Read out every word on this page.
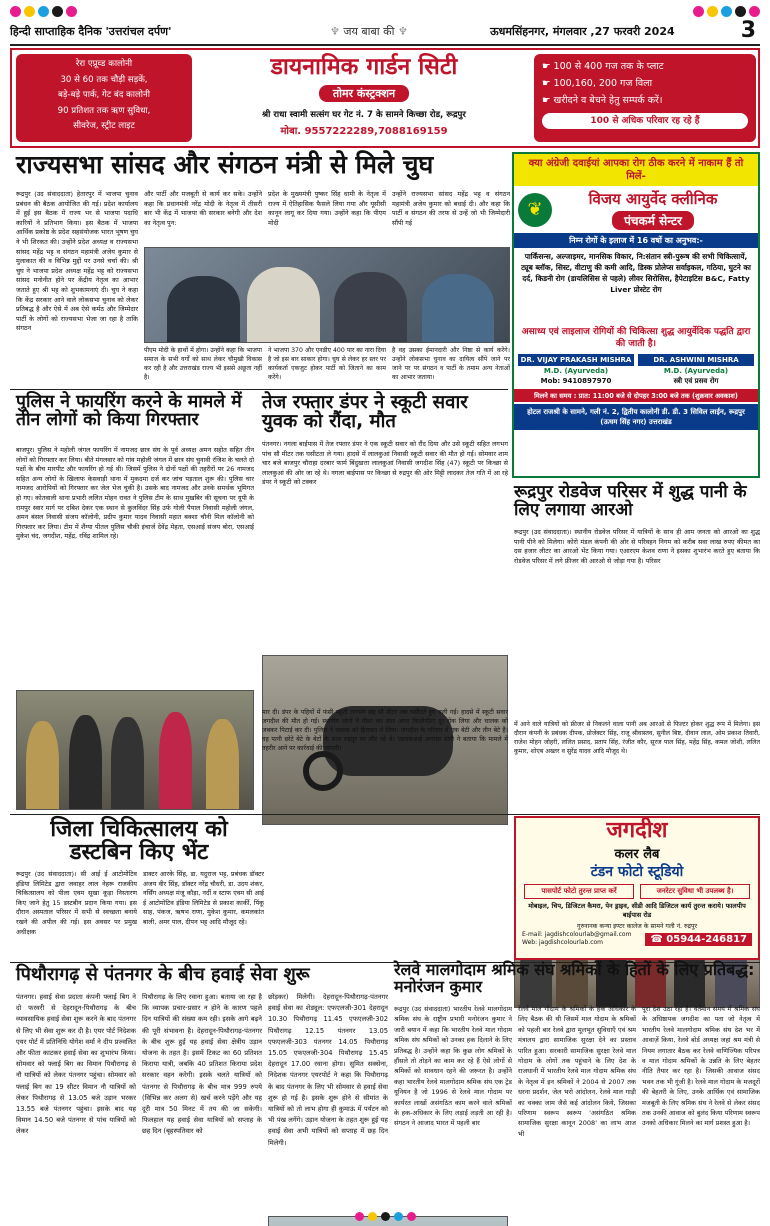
हिन्दी साप्ताहिक दैनिक 'उत्तरांचल दर्पण'	♆ जय बाबा की ♆	ऊधमसिंहनगर, मंगलवार ,27 फरवरी 2024	3
रेरा एप्रूव्ड कालोनी
30 से 60 तक चौड़ी सड़कें,
बड़े-बड़े पार्क, गेट बंद कालोनी
90 प्रतिशत तक ऋण सुविधा,
सीवरेज, स्ट्रीट लाइट
डायनामिक गार्डन सिटी
तोमर कंस्ट्रक्शन
श्री राधा स्वामी सत्संग घर गेट नं. 7 के सामने किच्छा रोड, रूद्रपुर
मोबा. 9557222289,7088169159
☛ 100 से 400 गज तक के प्लाट
☛ 100,160, 200 गज विला
☛ खरीदने व बेचने हेतु सम्पर्क करें।
100 से अधिक परिवार रह रहे हैं
राज्यसभा सांसद और संगठन मंत्री से मिले चुघ
रूद्रपुर (उद संवाददाता) हेतारपुर में भाजपा चुनाव प्रबंधन की बैठक आयोजित की गई। प्रदेश कार्यालय में हुई इस बैठक में राज्य भर से भाजपा पदाधि कारियों ने प्रतिभाग किया। इस बैठक में भाजपा आर्थिक प्रकोष्ठ के प्रदेश सहसंयोजक भारत भूषण चुघ ने भी शिरकत की। उन्होंने प्रदेश अध्यक्ष व राज्यसभा सांसद महेंद्र भट्ट व संगठन महामंत्री अजेय कुमार से मुलाकात की व विभिन्न मुद्दों पर उनसे चर्चा की। श्री चुघ ने भाजपा प्रदेश अध्यक्ष महेंद्र भट्ट को राज्यसभा सांसद मनोनीत होने पर केंद्रीय नेतृत्व का आभार जताते हुए श्री भट्ट को शुभकामनाएं दी। चुघ ने कहा कि केंद्र सरकार आने वाले लोकसभा चुनाव को लेकर प्रतिबद्ध है और ऐसे में अब ऐसे कर्मठ और जिम्मेदार पार्टी के लोगों को राज्यसभा भेजा जा रहा है ताकि संगठन
और पार्टी और मजबूती से कार्य कर सके। उन्होंने कहा कि प्रधानमंत्री नरेंद्र मोदी के नेतृत्व में तीसरी बार भी केंद्र में भाजपा की सरकार बनेगी और देश का नेतृत्व पुन:
प्रदेश के मुख्यमंत्री पुष्कर सिंह धामी के नेतृत्व में राज्य में ऐतिहासिक फैसले लिया गया और यूसीसी कानून लागू कर दिया गया। उन्होंने कहा कि पीएम मोदी
उन्होंने राज्यसभा सांसद महेंद्र भट्ट व संगठन महामंत्री अजेय कुमार को बधाई दी। और कहा कि पार्टी व संगठन की तरफ से उन्हें जो भी जिम्मेदारी सौंपी गई
पीएम मोदी के हाथों में होगा। उन्होंने कहा कि भाजपा समाज के सभी वर्गों को साथ लेकर चौमुखी विकास कर रही है और उत्तराखंड राज्य भी इससे अछूता नहीं है।
ने भाजपा 370 और एनडीए 400 पार का नारा दिया है जो इस बार साकार होगा। चुघ से लेकर हर स्तर पर कार्यकर्ता एकजुट होकर पार्टी को जिताने का काम करेंगे।
है वह उसका ईमानदारी और निष्ठा से कार्य करेंगे। उन्होंने लोकसभा चुनाव का दायित्व सौंपे जाने पर जाने पर पर संगठन व पार्टी के तमाम अन्य नेताओं का आभार जताया।
क्या अंग्रेजी दवाईयां आपका रोग ठीक करने में नाकाम हैं तो मिलें-
❦	विजय आयुर्वेद क्लीनिक
पंचकर्म सेन्टर
निम्न रोगों के इलाज में 16 वर्षो का अनुभव:-
पार्किंसन्स, अल्जाइमर, मानसिक विकार, नि:संतान स्त्री-पुरूष की सभी चिकित्सायें, ट्यूब ब्लॉक, सिस्ट, वीटाणु की कमी आदि, डिस्क प्रोलेप्स सर्वाइकल, गठिया, घुटने का दर्द, किडनी रोग (डायलिसिस से पहले) लीवर सिरोसिस, हैपेटाइटिस B&C, Fatty Liver प्रोस्टेट रोग
असाध्य एवं लाइलाज रोगियों की चिकित्सा शुद्ध आयुर्वेदिक पद्धति द्वारा की जाती है।
DR. VIJAY PRAKASH MISHRA
M.D. (Ayurveda)
Mob: 9410897970
DR. ASHWINI MISHRA
M.D. (Ayurveda)
स्त्री एवं प्रसव रोग
मिलने का समय : प्रात: 11:00 बजे से दोपहर 3:00 बजे तक (शुक्रवार अवकाश)
होटल राजश्री के सामने, गली नं. 2, द्वितीय कालोनी डी. डी. 3 सिविल लाईन, रूद्रपुर (ऊधम सिंह नगर) उत्तराखंड
पुलिस ने फायरिंग करने के मामले में तीन लोगों को किया गिरफ्तार
बाजपुर। पुलिस ने महोली जंगल फायरिंग में नामजद छात्र संघ के पूर्व अध्यक्ष अमन सहोत सहित तीन लोगों को गिरफ्तार कर लिया। बीते मंगलवार को गांव महोली जंगल में छात्र संघ चुनावी रंजिश के चलते दो पक्षों के बीच मारपीट और फायरिंग हो गई थी। जिसमें पुलिस ने दोनों पक्षों की तहरीरों पर 26 नामजद सहित अन्य लोगों के खिलाफ केसवाड़ी थाना में मुकदमा दर्ज कर जांच पड़ताल शुरू की। पुलिस चार नामजद आरोपियों को गिरफ्तार कर जेल भेज चुकी है। उसके बाद नामजद और उनके समर्थक भूमिगत हो गए। कोतवाली थाना प्रभारी ललित मोहन रावत ने पुलिस टीम के साथ मुखबिर की सूचना पर यूपी के रामपुर स्वार मार्ग पर दबिश देकर एक स्थान से कुलविंदर सिंह उर्फ गोली पैयाल निवासी महोली जंगल, अमन बंसल निवासी संजय कॉलोनी, प्रदीप कुमार यादव निवासी महात बक्शा चौनी मिल कॉलोनी को गिरफ्तार कर लिया। टीम में शैंग्या पीतल पुलिस चौकी इंचार्ज देवेंद्र मेहता, एसआई संजय बोरा, एसआई मुकेश चंद, जगदीश, महेंद्र, रविंद्र शामिल रहे।
तेज रफ्तार डंपर ने स्कूटी सवार युवक को रौंदा, मौत
पंतनगर। नगला बाईपास में तेज रफ्तार डंपर ने एक स्कूटी सवार को रौंद दिया और उसे स्कूटी सहित लगभग पांच सौ मीटर तक घसीटता ले गया। हादसे में लालकुआं निवासी स्कूटी सवार की मौत हो गई। सोमवार शाम चार बजे बाजपुर चौराहा दरबार फार्म बिंदुखत्ता लालकुआं निवासी जगदीश सिंह (47) स्कूटी पर किच्छा से लालकुआं की ओर जा रहे थे। नगला बाईपास पर किच्छा से रुद्रपुर की ओर मिट्टी लादकर तेज गति में आ रहे डंपर ने स्कूटी को टक्कर
मार दी। डंपर के पहियों में फंसी स्कूटी लगभग छह सौ मीटर तक घसीटते हुए चली गई। हादसे में स्कूटी सवार जगदीश की मौत हो गई। स्थानीय लोगों ने पीछा कर डंपर आगा किलोमीटर दूर रोक लिया और चालक को जबकर पिटाई कर दी। पुलिस ने चालक को हिरासत में लिया। जगदीश के परिवार में एक बेटी और तीन बेटे हैं। वह पत्नी छोटे बेटे के बेटों के साथ रुद्रपुर घर लौट रहे थे। एसएसआई आरएस डांगी ने बताया कि मामले में तहरीर आने पर कार्रवाई की जाएगी।
रूद्रपुर रोडवेज परिसर में शुद्ध पानी के लिए लगाया आरओ
रूद्रपुर (उद संवाददाता)। स्थानीय रोडवेज परिसर में यात्रियों के साथ ही आम जनता को आरओ का शुद्ध पानी पीने को मिलेगा। कोरो मंडल कंपनी की ओर से परिवहन निगम को करीब सवा लाख रुपए कीमत का दस हजार लीटर का आरओ भेंट किया गया। एआरएम केशव राणा ने इसका शुभारंभ करते हुए बताया कि रोडवेज परिसर में लगे फ्रीजर की आरओ से जोड़ा गया है। परिसर
में आने वाले यात्रियों को फ्रीजर से निकलने वाला पानी अब आरओ से फिल्टर होकर शुद्ध रूप में मिलेगा। इस दौरान कंपनी के प्रबंधक दीपक, प्रोजेक्टर सिंह, राजू श्रीवास्तव, सुनील बिष्ट, दीवान लाल, ओम प्रकाश तिवारी, राजेश मोहन जोहरी, ललित प्रसाद, प्रताप सिंह, रंजीत कौर, सूरज पाल सिंह, महेंद्र सिंह, कमल जोशी, ललित कुमार, शोएब अख्तर व सुरेंद्र यादव आदि मौजूद थे।
जिला चिकित्सालय को डस्टबिन किए भेंट
रूद्रपुर (उद संवाददाता)। सी आई ई आटोमोटिव इंडिया लिमिटेड द्वारा जवाहर लाल नेहरू राजकीय चिकित्सालय को पीला एवम सूखा कूड़ा निस्तारण किए जाने हेतु 15 डस्टबीन प्रदान किया गया। इस दौरान अस्पताल परिसर में सभी से स्वच्छता बनाये रखने की अपील की गई। इस अवसर पर प्रमुख अधीक्षक
डाक्टर आरके सिंह, डा. यदुराज भट्ट, प्रबंधक डॉक्टर अजय वीर सिंह, डॉक्टर नरेंद्र चौधरी, डा. उदय शंकर, नर्सिंग अध्यक्ष मंजू कौड़ा, नर्दी व स्टाफ एवम सी आई ई आटोमोटिव इंडिया लिमिटेड से प्रकाश कार्की, पिंकू साह, पंकज, ऋषभ राणा, मुकेश कुमार, कमलकांत बाली, अमर पाल, दीपन भट्ट आदि मौजूद रहे।
जगदीश
कलर लैब
टंडन फोटो स्टूडियो
पासपोर्ट फोटो तुरन्त प्राप्त करें	जनरेटर सुविधा भी उपलब्ध है।
मोबाइल, चिप, डिजिटल कैमरा, पेन ड्राइव, सीडी आदि डिजिटल कार्य तुरन्त कराये। फालपीप बाईपास रोड
गुरुनानक कन्या इण्टर कालेज के सामने गली नं. रुद्रपुर
E-mail: jagdishcolourlab@gmail.com
Web: jagdishcolourlab.com	☎ 05944-246817
पिथौरागढ़ से पंतनगर के बीच हवाई सेवा शुरू
पंतनगर। हवाई सेवा प्रदाता कंपनी फ्लाई बिग ने दो फरवरी से देहरादून-पिथौरागढ़ के बीच व्यावसायिक हवाई सेवा शुरू करने के बाद पंतनगर से लिए भी सेवा शुरू कर दी है। एयर पोर्ट निदेशक एयर पोर्ट में प्रतिनिधि योगेश वर्मा ने दीप प्रज्वलित और फीता काटकर हवाई सेवा का शुभारंभ किया। सोमवार को फ्लाई बिग का विमान पिथौरागढ़ से नौ यात्रियों को लेकर पंतनगर पहुंचा। सोमवार को फ्लाई बिग का 19 सीटर विमान नौ यात्रियों को लेकर पिथौरागढ़ से 13.05 बजे उड़ान भरकर 13.55 बजे पंतनगर पहुंचा। इसके बाद यह विमान 14.50 बजे पंतनगर से पांच यात्रियों को लेकर
पिथौरागढ़ के लिए रवाना हुआ। बताया जा रहा है कि व्यापक प्रचार-प्रसार न होने के कारण पहले दिन यात्रियों की संख्या कम रही। इसके आगे बढ़ने की पूरी संभावना है। देहरादून-पिथौरागढ़-पंतनगर के बीच शुरू हुई यह हवाई सेवा क्षेत्रीय उड़ान योजना के तहत है। इसमें टिकट का 60 प्रतिशत किराया यात्री, जबकि 40 प्रतिशत किराया प्रदेश सरकार वहन करेगी। इसके चलते यात्रियों को पंतनगर से पिथौरागढ़ के बीच मात्र 999 रुपये (विभिन्न कर अलग से) खर्च करने पड़ेंगे और यह दूरी मात्र 50 मिनट में तय की जा सकेगी। फिलहाल यह हवाई सेवा यात्रियों को सप्ताह के छह दिन (बृहस्पतिवार को
छोड़कर) मिलेगी। देहरादून-पिथौरागढ़-पंतनगर हवाई सेवा का शेड्यूल: एफएलजी-301 देहरादून 10.30 पिथौरागढ़ 11.45 एफएलजी-302 पिथौरागढ़ 12.15 पंतनगर 13.05 एफएलजी-303 पंतनगर 14.05 पिथौरागढ़ 15.05 एफएलजी-304 पिथौरागढ़ 15.45 देहरादून 17.00 रवाना होगा। सुमित सक्सेना, निदेशक पंतनगर एयरपोर्ट ने कहा कि पिथौरागढ़ के बाद पंतनगर के लिए भी सोमवार से हवाई सेवा शुरू हो गई है। इसके शुरू होने से सीमांत के यात्रियों को तो लाभ होगा ही कुमाऊं में पर्यटन को भी पंख लगेंगे। उड़ान योजना के तहत शुरू हुई यह हवाई सेवा अभी यात्रियों को सप्ताह में छह दिन मिलेगी।
रेलवे मालगोदाम श्रमिक संघ श्रमिकों के हितों के लिए प्रतिबद्ध: मनोरंजन कुमार
रूद्रपुर (उद संवाददाता) भारतीय रेलवे मालगोदाम श्रमिक संघ के राष्ट्रीय प्रभारी मनोरंजन कुमार ने जारी बयान में कहा कि भारतीय रेलवे माल गोदाम श्रमिक संघ श्रमिकों को उनका हक दिलाने के लिए प्रतिबद्ध है। उन्होंने कहा कि कुछ लोग श्रमिकों के हौंसले तो तोड़ने का काम कर रहे हैं ऐसे लोगों से श्रमिकों को सावधान रहने की जरूरत है। उन्होंने कहा भारतीय रेलवे मालगोदाम श्रमिक संघ एक ट्रेड यूनियन है जो 1996 से रेलवे माल गोदाम पर कार्यरत लाखों असंगठित काम करने वाले श्रमिकों के हक-अधिकार के लिए लड़ाई लड़ती आ रही है। संगठन ने आजाद भारत में पहली बार
रेलवे माल गोदाम के श्रमिकों के हक अधिकार के लिए बैठक की थी जिसमें माल गोदाम के श्रमिकों को पहली बार रेलवे द्वारा मूलभूत सुविधाएँ एवं श्रम मंत्रालय द्वारा सामाजिक सुरक्षा देने का प्रस्ताव पारित हुआ। सरकारी सामाजिक सुरक्षा रेलवे माल गोदाम के लोगों तक पहुंचाने के लिए देश के राजधानी में भारतीय रेलवे माल गोदाम श्रमिक संघ के नेतृत्व में इन श्रमिकों ने 2004 से 2007 तक धरना प्रदर्शन, जेल भरो आंदोलन, रेलवे माल गाड़ी का चक्का जाम जैसे कई आंदोलन किये, जिसका परिणाम स्वरूप स्वरूप 'असंगठित श्रमिक सामाजिक सुरक्षा कानून 2008' का लाभ आज भी
पूरा देश उठा रहा है। वर्तमान समय में श्रमिक संघ के अधिष्ठापक जगदीश का पता जो नेतृत्व में भारतीय रेलवे मालगोदाम श्रमिक संघ देश भर में आवाज़ें किया, रेलवे बोर्ड अध्यक्ष जहां श्रम मंत्री से नियम लगातार बैठक कर रेलवे वाणिज्यिक परिपत्र व माल गोदाम श्रमिकों के उन्नति के लिए बेहतर नीति तैयार कर रहा है। जिसकी आवाज संसद भवन तक भी गूंजी है। रेलवे माल गोदाम के मजदूरों की बेहतरी के लिए, उनके आर्थिक एवं सामाजिक मजबूती के लिए श्रमिक संघ ने रेलवे से लेकर संसद तक उनकी आवाज को बुलंद किया परिणाम स्वरूप उनको अधिकार मिलने का मार्ग प्रशस्त हुआ है।
